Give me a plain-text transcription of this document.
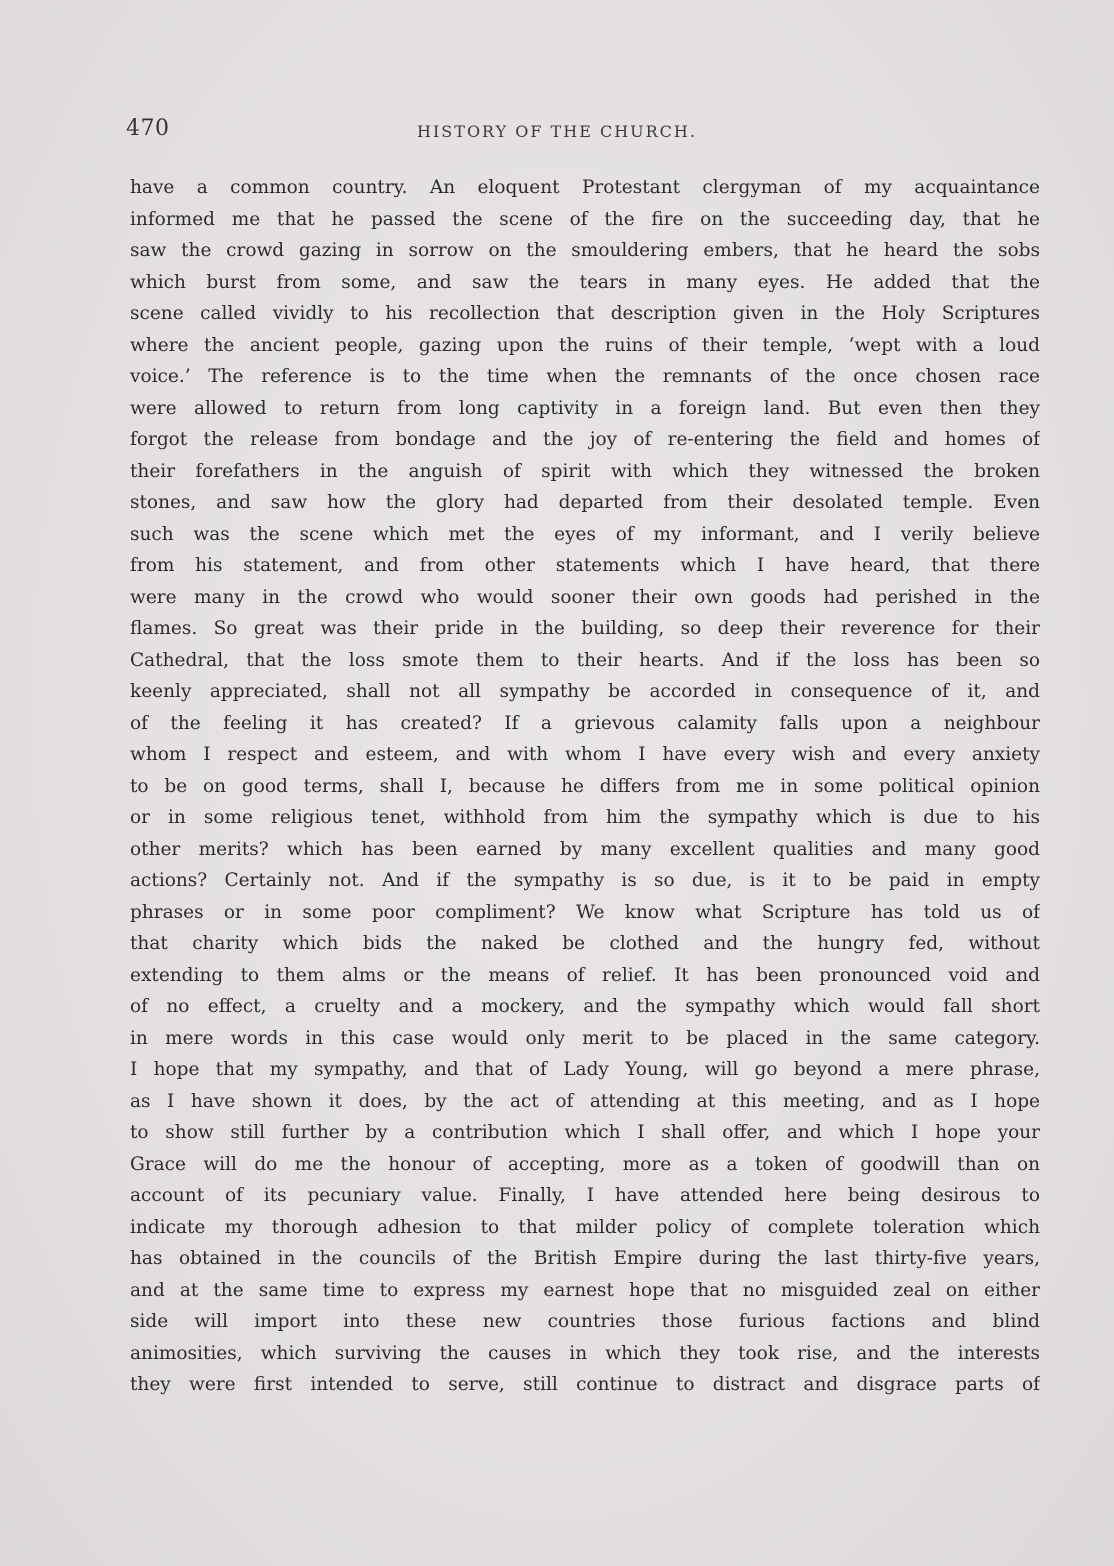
470	HISTORY OF THE CHURCH.
have a common country. An eloquent Protestant clergyman of my acquaintance
informed me that he passed the scene of the fire on the succeeding day, that he
saw the crowd gazing in sorrow on the smouldering embers, that he heard the sobs
which burst from some, and saw the tears in many eyes. He added that the
scene called vividly to his recollection that description given in the Holy Scriptures
where the ancient people, gazing upon the ruins of their temple, ‘wept with a loud
voice.’ The reference is to the time when the remnants of the once chosen race
were allowed to return from long captivity in a foreign land. But even then they
forgot the release from bondage and the joy of re-entering the field and homes of
their forefathers in the anguish of spirit with which they witnessed the broken
stones, and saw how the glory had departed from their desolated temple. Even
such was the scene which met the eyes of my informant, and I verily believe
from his statement, and from other statements which I have heard, that there
were many in the crowd who would sooner their own goods had perished in the
flames. So great was their pride in the building, so deep their reverence for their
Cathedral, that the loss smote them to their hearts. And if the loss has been so
keenly appreciated, shall not all sympathy be accorded in consequence of it, and
of the feeling it has created? If a grievous calamity falls upon a neighbour
whom I respect and esteem, and with whom I have every wish and every anxiety
to be on good terms, shall I, because he differs from me in some political opinion
or in some religious tenet, withhold from him the sympathy which is due to his
other merits? which has been earned by many excellent qualities and many good
actions? Certainly not. And if the sympathy is so due, is it to be paid in empty
phrases or in some poor compliment? We know what Scripture has told us of
that charity which bids the naked be clothed and the hungry fed, without
extending to them alms or the means of relief. It has been pronounced void and
of no effect, a cruelty and a mockery, and the sympathy which would fall short
in mere words in this case would only merit to be placed in the same category.
I hope that my sympathy, and that of Lady Young, will go beyond a mere phrase,
as I have shown it does, by the act of attending at this meeting, and as I hope
to show still further by a contribution which I shall offer, and which I hope your
Grace will do me the honour of accepting, more as a token of goodwill than on
account of its pecuniary value. Finally, I have attended here being desirous to
indicate my thorough adhesion to that milder policy of complete toleration which
has obtained in the councils of the British Empire during the last thirty-five years,
and at the same time to express my earnest hope that no misguided zeal on either
side will import into these new countries those furious factions and blind
animosities, which surviving the causes in which they took rise, and the interests
they were first intended to serve, still continue to distract and disgrace parts of
